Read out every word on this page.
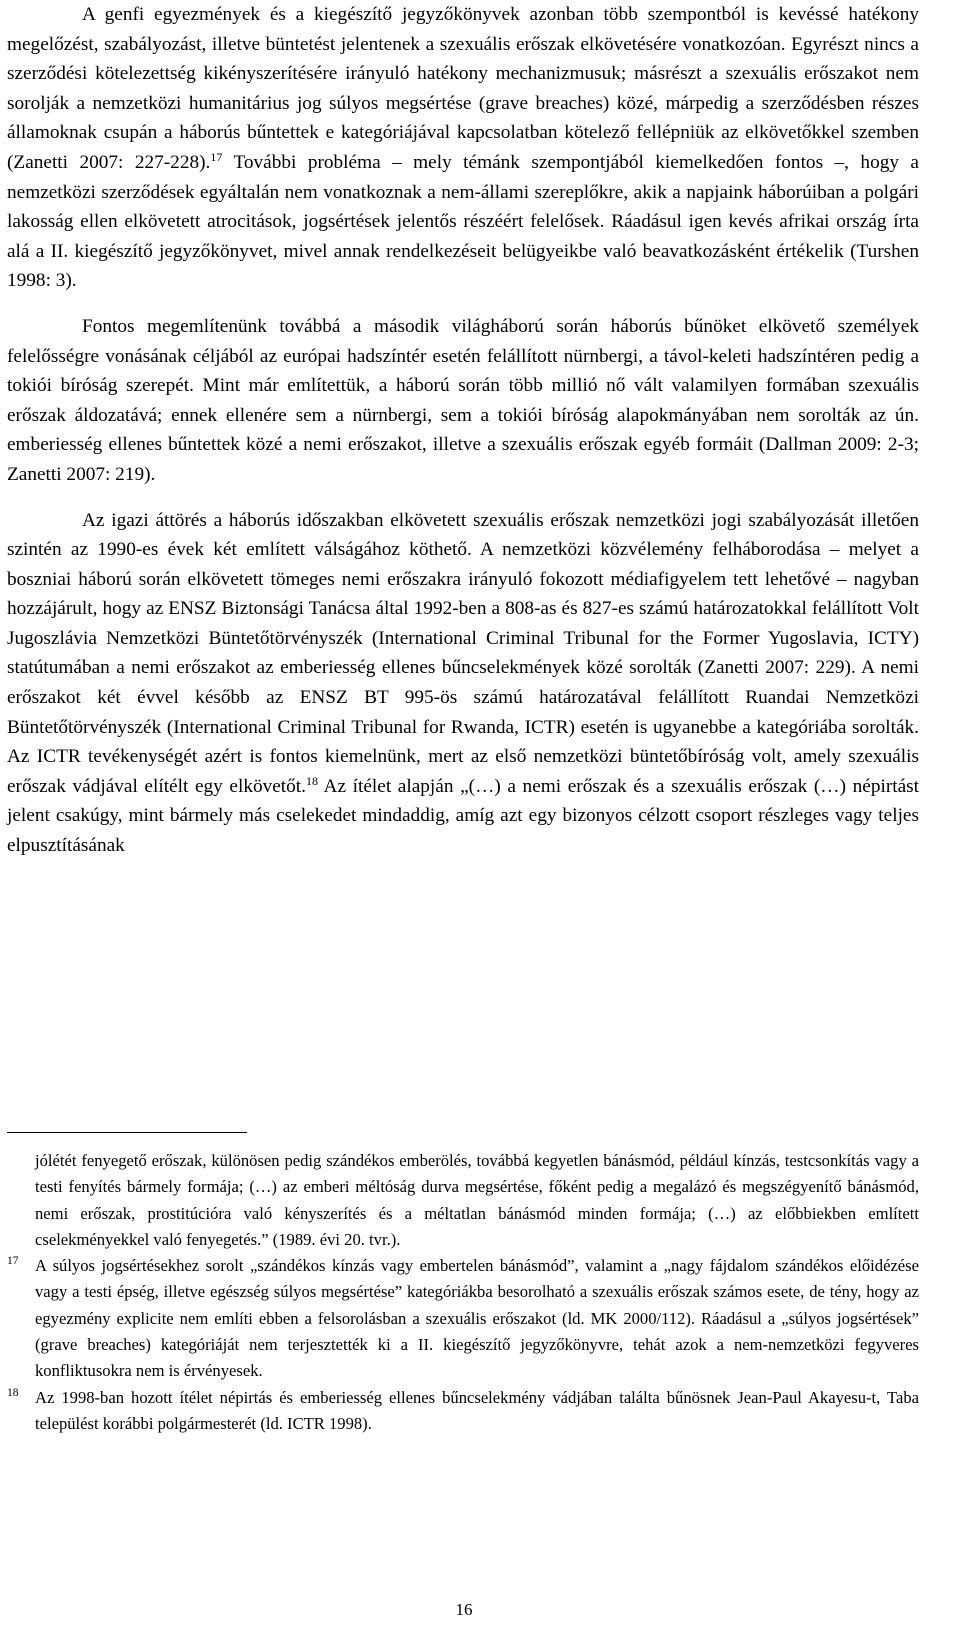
A genfi egyezmények és a kiegészítő jegyzőkönyvek azonban több szempontból is kevéssé hatékony megelőzést, szabályozást, illetve büntetést jelentenek a szexuális erőszak elkövetésére vonatkozóan. Egyrészt nincs a szerződési kötelezettség kikényszerítésére irányuló hatékony mechanizmusuk; másrészt a szexuális erőszakot nem sorolják a nemzetközi humanitárius jog súlyos megsértése (grave breaches) közé, márpedig a szerződésben részes államoknak csupán a háborús bűntettek e kategóriájával kapcsolatban kötelező fellépniük az elkövetőkkel szemben (Zanetti 2007: 227-228).$^{17}$ További probléma – mely témánk szempontjából kiemelkedően fontos –, hogy a nemzetközi szerződések egyáltalán nem vonatkoznak a nem-állami szereplőkre, akik a napjaink háborúiban a polgári lakosság ellen elkövetett atrocitások, jogsértések jelentős részéért felelősek. Ráadásul igen kevés afrikai ország írta alá a II. kiegészítő jegyzőkönyvet, mivel annak rendelkezéseit belügyeikbe való beavatkozásként értékelik (Turshen 1998: 3).

Fontos megemlítenünk továbbá a második világháború során háborús bűnöket elkövető személyek felelősségre vonásának céljából az európai hadszíntér esetén felállított nürnbergi, a távol-keleti hadszíntéren pedig a tokiói bíróság szerepét. Mint már említettük, a háború során több millió nő vált valamilyen formában szexuális erőszak áldozatává; ennek ellenére sem a nürnbergi, sem a tokiói bíróság alapokmányában nem sorolták az ún. emberiesség ellenes bűntettek közé a nemi erőszakot, illetve a szexuális erőszak egyéb formáit (Dallman 2009: 2-3; Zanetti 2007: 219).

Az igazi áttörés a háborús időszakban elkövetett szexuális erőszak nemzetközi jogi szabályozását illetően szintén az 1990-es évek két említett válságához köthető. A nemzetközi közvélemény felháborodása – melyet a boszniai háború során elkövetett tömeges nemi erőszakra irányuló fokozott médiafigyelem tett lehetővé – nagyban hozzájárult, hogy az ENSZ Biztonsági Tanácsa által 1992-ben a 808-as és 827-es számú határozatokkal felállított Volt Jugoszlávia Nemzetközi Büntetőtörvényszék (International Criminal Tribunal for the Former Yugoslavia, ICTY) statútumában a nemi erőszakot az emberiesség ellenes bűncselekmények közé sorolták (Zanetti 2007: 229). A nemi erőszakot két évvel később az ENSZ BT 995-ös számú határozatával felállított Ruandai Nemzetközi Büntetőtörvényszék (International Criminal Tribunal for Rwanda, ICTR) esetén is ugyanebbe a kategóriába sorolták. Az ICTR tevékenységét azért is fontos kiemelnünk, mert az első nemzetközi büntetőbíróság volt, amely szexuális erőszak vádjával elítélt egy elkövetőt.$^{18}$ Az ítélet alapján „(…) a nemi erőszak és a szexuális erőszak (…) népirtást jelent csakúgy, mint bármely más cselekedet mindaddig, amíg azt egy bizonyos célzott csoport részleges vagy teljes elpusztításának

jólétét fenyegető erőszak, különösen pedig szándékos emberölés, továbbá kegyetlen bánásmód, például kínzás, testcsonkítás vagy a testi fenyítés bármely formája; (…) az emberi méltóság durva megsértése, főként pedig a megalázó és megszégyenítő bánásmód, nemi erőszak, prostitúcióra való kényszerítés és a méltatlan bánásmód minden formája; (…) az előbbiekben említett cselekményekkel való fenyegetés.” (1989. évi 20. tvr.).
17 A súlyos jogsértésekhez sorolt „szándékos kínzás vagy embertelen bánásmód”, valamint a „nagy fájdalom szándékos előidézése vagy a testi épség, illetve egészség súlyos megsértése” kategóriákba besorolható a szexuális erőszak számos esete, de tény, hogy az egyezmény explicite nem említi ebben a felsorolásban a szexuális erőszakot (ld. MK 2000/112). Ráadásul a „súlyos jogsértések” (grave breaches) kategóriáját nem terjesztették ki a II. kiegészítő jegyzőkönyvre, tehát azok a nem-nemzetközi fegyveres konfliktusokra nem is érvényesek.
18 Az 1998-ban hozott ítélet népirtás és emberiesség ellenes bűncselekmény vádjában találta bűnösnek Jean-Paul Akayesu-t, Taba települést korábbi polgármesterét (ld. ICTR 1998).
16
